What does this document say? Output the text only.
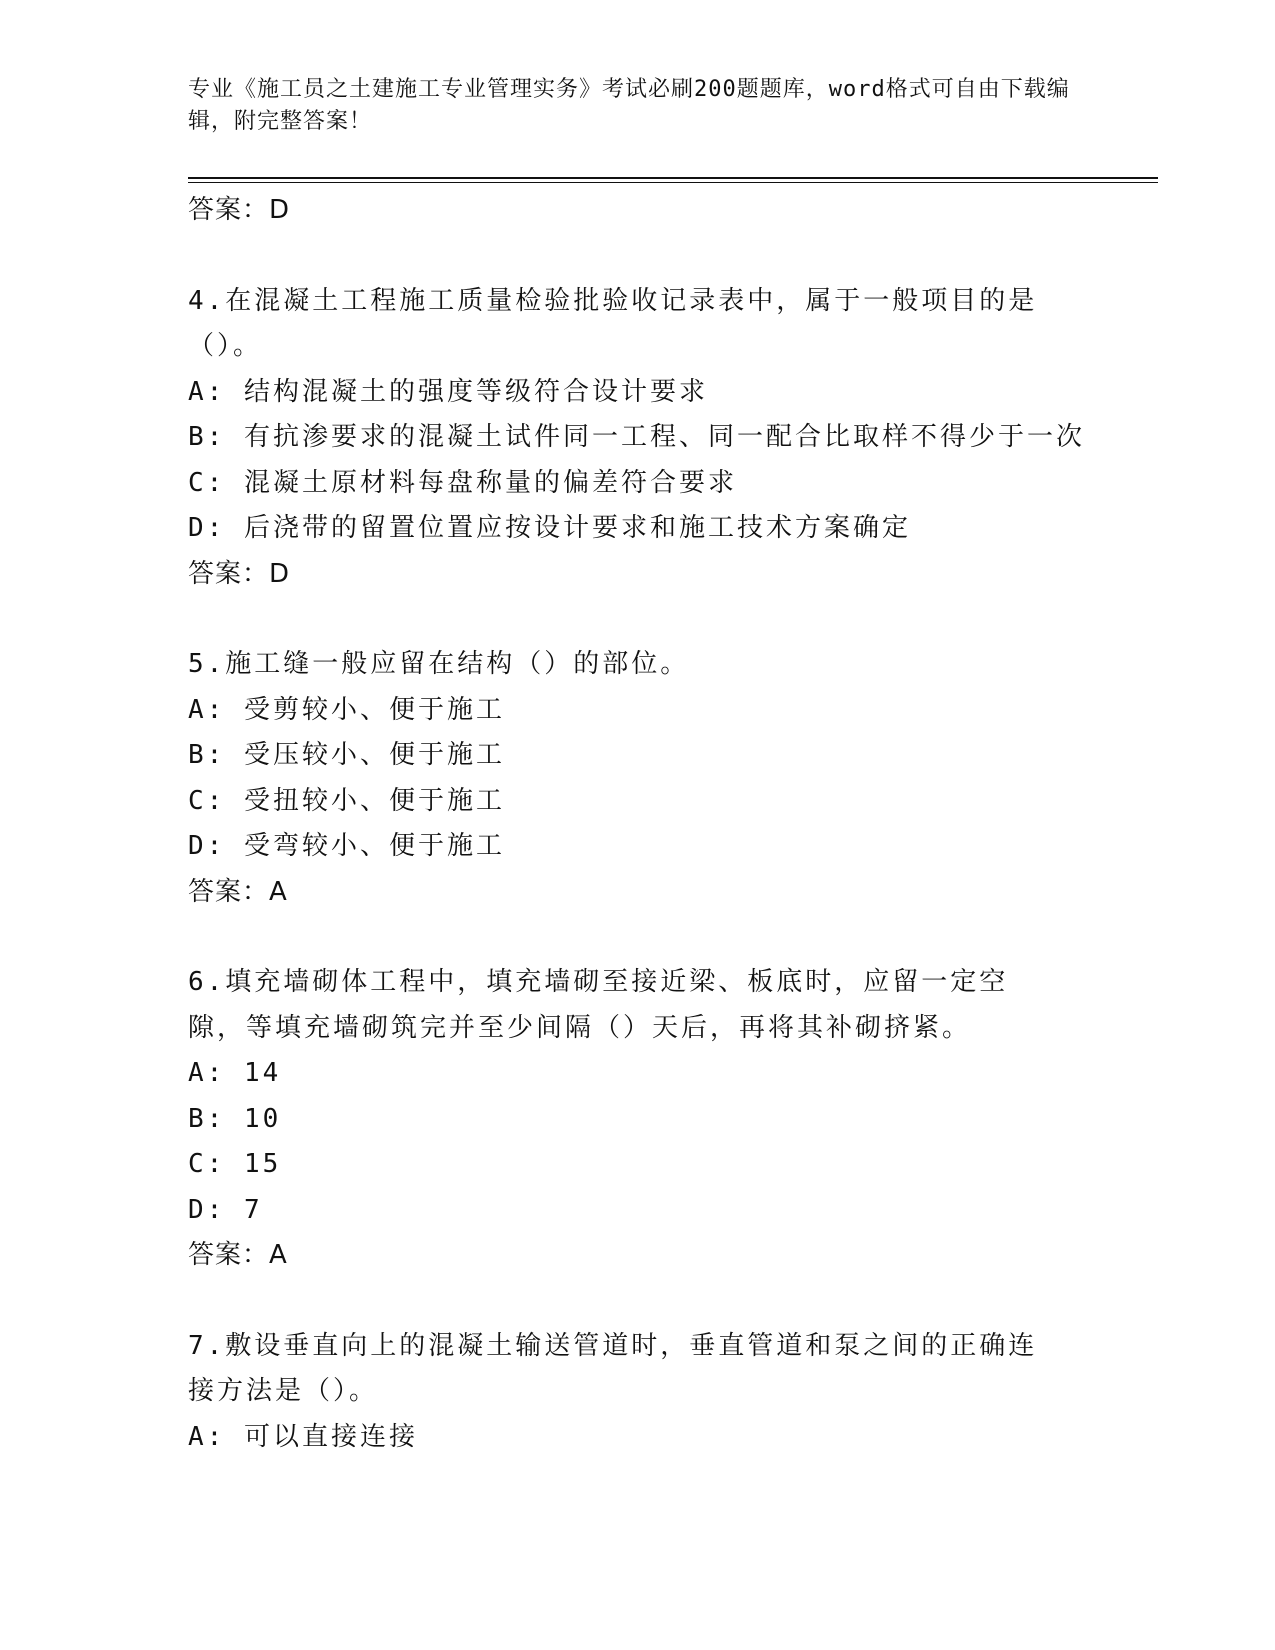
专业《施工员之土建施工专业管理实务》考试必刷200题题库，word格式可自由下载编辑，附完整答案！
答案：D
4.在混凝土工程施工质量检验批验收记录表中，属于一般项目的是（）。
A: 结构混凝土的强度等级符合设计要求
B: 有抗渗要求的混凝土试件同一工程、同一配合比取样不得少于一次
C: 混凝土原材料每盘称量的偏差符合要求
D: 后浇带的留置位置应按设计要求和施工技术方案确定
答案：D
5.施工缝一般应留在结构（）的部位。
A: 受剪较小、便于施工
B: 受压较小、便于施工
C: 受扭较小、便于施工
D: 受弯较小、便于施工
答案：A
6.填充墙砌体工程中，填充墙砌至接近梁、板底时，应留一定空隙，等填充墙砌筑完并至少间隔（）天后，再将其补砌挤紧。
A: 14
B: 10
C: 15
D: 7
答案：A
7.敷设垂直向上的混凝土输送管道时，垂直管道和泵之间的正确连接方法是（）。
A: 可以直接连接
